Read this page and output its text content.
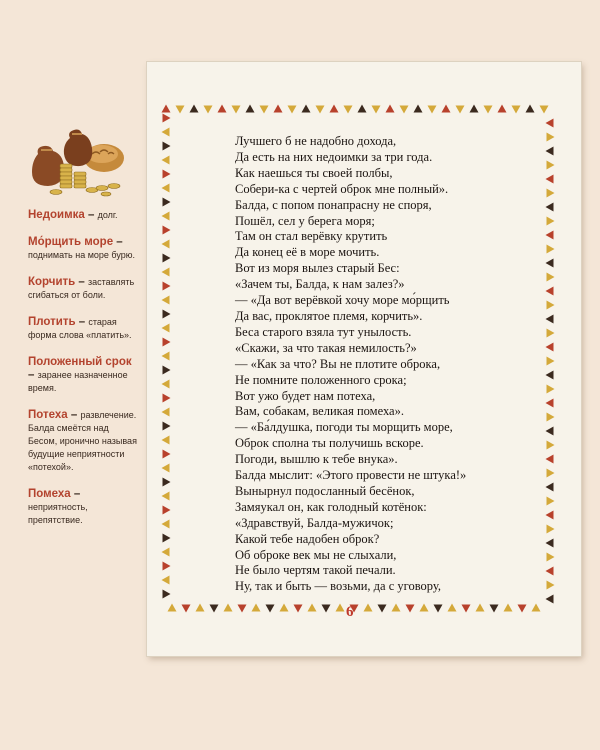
Недоимка – долг.
Мо́рщить море – поднимать на море бурю.
Корчить – заставлять сгибаться от боли.
Плотить – старая форма слова «платить».
Положенный срок – заранее назначенное время.
Потеха – развлечение. Балда смеётся над Бесом, иронично называя будущие неприятности «потехой».
Помеха – неприятность, препятствие.
Лучшего б не надобно дохода,
Да есть на них недоимки за три года.
Как наешься ты своей полбы,
Собери-ка с чертей оброк мне полный».
Балда, с попом понапрасну не споря,
Пошёл, сел у берега моря;
Там он стал верёвку крутить
Да конец её в море мочить.
Вот из моря вылез старый Бес:
«Зачем ты, Балда, к нам залез?»
— «Да вот верёвкой хочу море мо́рщить
Да вас, проклятое племя, корчить».
Беса старого взяла тут унылость.
«Скажи, за что такая немилость?»
— «Как за что? Вы не плотите оброка,
Не помните положенного срока;
Вот ужо будет нам потеха,
Вам, собакам, великая помеха».
— «Ба́лдушка, погоди ты морщить море,
Оброк сполна ты получишь вскоре.
Погоди, вышлю к тебе внука».
Балда мыслит: «Этого провести не штука!»
Вынырнул подосланный бесёнок,
Замяукал он, как голодный котёнок:
«Здравствуй, Балда-мужичок;
Какой тебе надобен оброк?
Об оброке век мы не слыхали,
Не было чертям такой печали.
Ну, так и быть — возьми, да с уговору,
6
